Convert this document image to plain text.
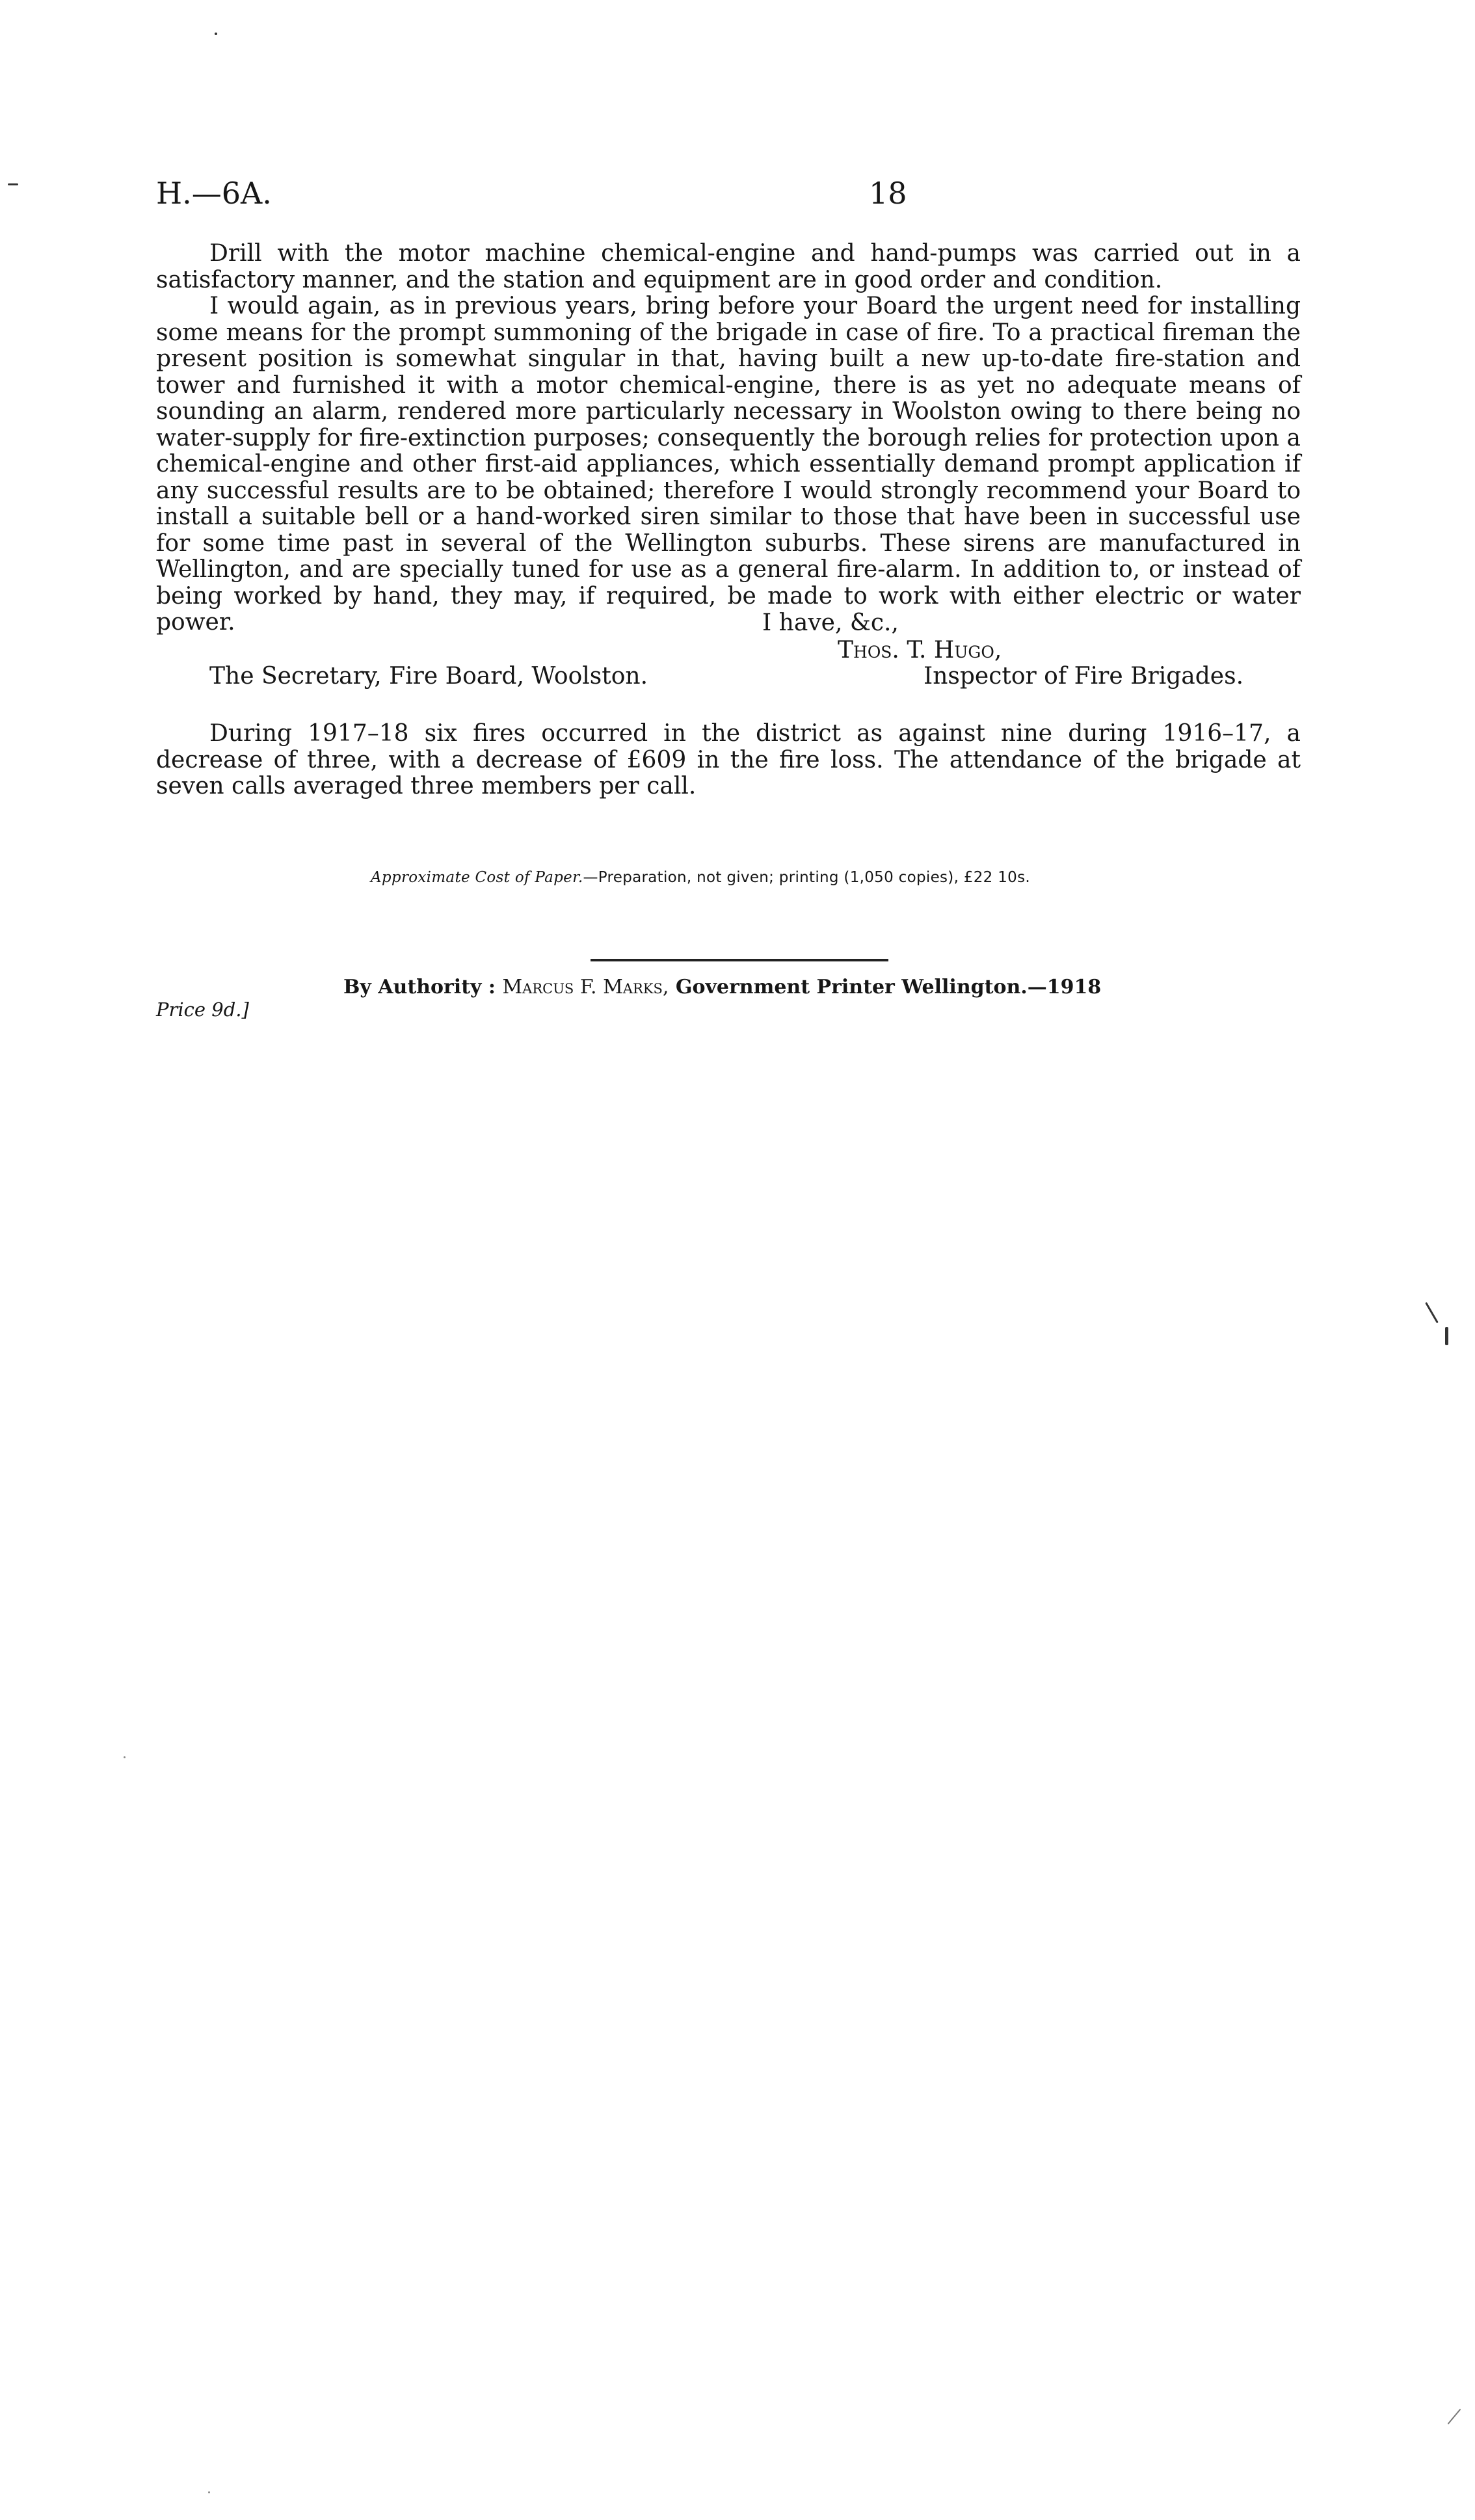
H.—6A.	18

Drill with the motor machine chemical-engine and hand-pumps was carried out in a satisfactory manner, and the station and equipment are in good order and condition.

I would again, as in previous years, bring before your Board the urgent need for installing some means for the prompt summoning of the brigade in case of fire. To a practical fireman the present position is somewhat singular in that, having built a new up-to-date fire-station and tower and furnished it with a motor chemical-engine, there is as yet no adequate means of sounding an alarm, rendered more particularly necessary in Woolston owing to there being no water-supply for fire-extinction purposes; consequently the borough relies for protection upon a chemical-engine and other first-aid appliances, which essentially demand prompt application if any successful results are to be obtained; therefore I would strongly recommend your Board to install a suitable bell or a hand-worked siren similar to those that have been in successful use for some time past in several of the Wellington suburbs. These sirens are manufactured in Wellington, and are specially tuned for use as a general fire-alarm. In addition to, or instead of being worked by hand, they may, if required, be made to work with either electric or water power.	I have, &c.,
Thos. T. Hugo,
The Secretary, Fire Board, Woolston.	Inspector of Fire Brigades.

During 1917–18 six fires occurred in the district as against nine during 1916–17, a decrease of three, with a decrease of £609 in the fire loss. The attendance of the brigade at seven calls averaged three members per call.

Approximate Cost of Paper.—Preparation, not given; printing (1,050 copies), £22 10s.
By Authority : Marcus F. Marks, Government Printer Wellington.—1918
Price 9d.]
